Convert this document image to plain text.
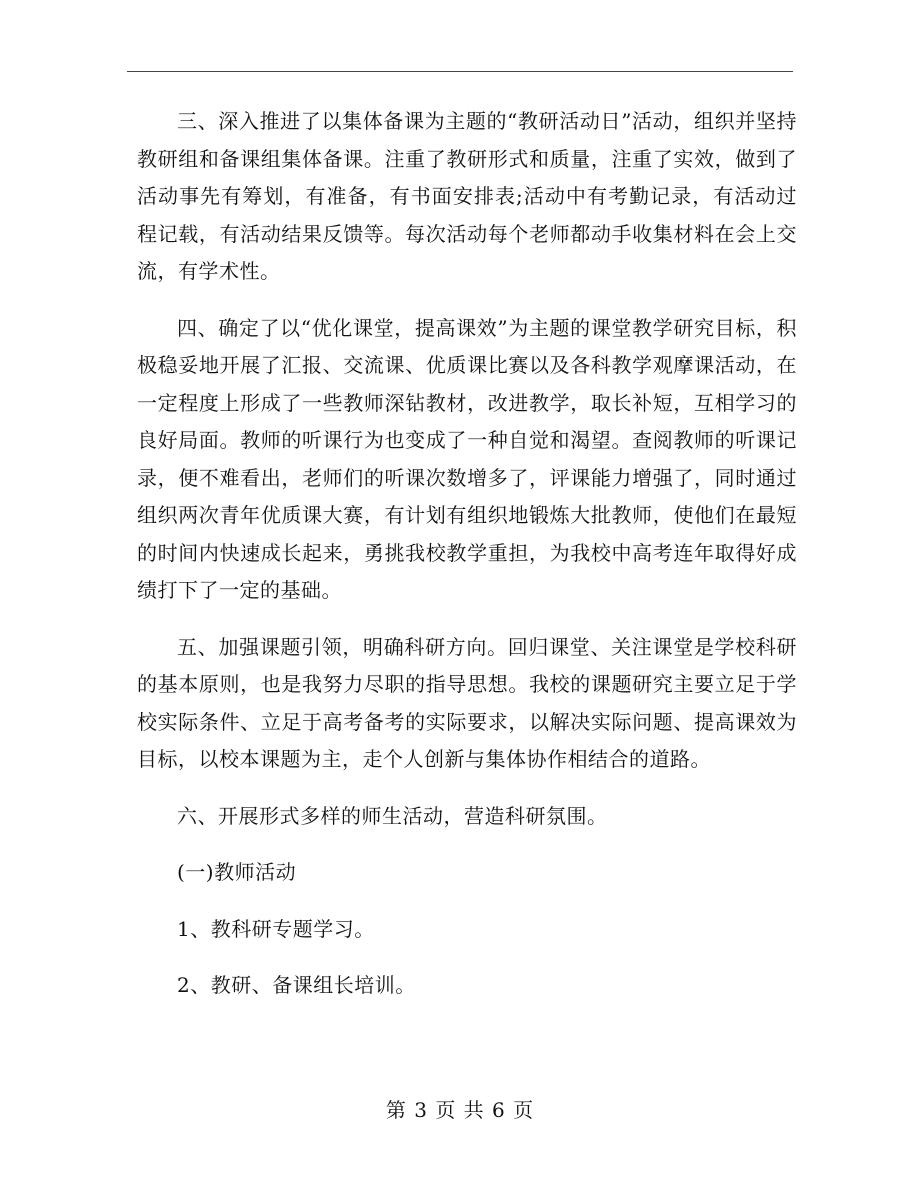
三、深入推进了以集体备课为主题的“教研活动日”活动，组织并坚持教研组和备课组集体备课。注重了教研形式和质量，注重了实效，做到了活动事先有筹划，有准备，有书面安排表;活动中有考勤记录，有活动过程记载，有活动结果反馈等。每次活动每个老师都动手收集材料在会上交流，有学术性。

四、确定了以“优化课堂，提高课效”为主题的课堂教学研究目标，积极稳妥地开展了汇报、交流课、优质课比赛以及各科教学观摩课活动，在一定程度上形成了一些教师深钻教材，改进教学，取长补短，互相学习的良好局面。教师的听课行为也变成了一种自觉和渴望。查阅教师的听课记录，便不难看出，老师们的听课次数增多了，评课能力增强了，同时通过组织两次青年优质课大赛，有计划有组织地锻炼大批教师，使他们在最短的时间内快速成长起来，勇挑我校教学重担，为我校中高考连年取得好成绩打下了一定的基础。

五、加强课题引领，明确科研方向。回归课堂、关注课堂是学校科研的基本原则，也是我努力尽职的指导思想。我校的课题研究主要立足于学校实际条件、立足于高考备考的实际要求，以解决实际问题、提高课效为目标，以校本课题为主，走个人创新与集体协作相结合的道路。

六、开展形式多样的师生活动，营造科研氛围。

(一)教师活动

1、教科研专题学习。

2、教研、备课组长培训。

第 3 页 共 6 页
